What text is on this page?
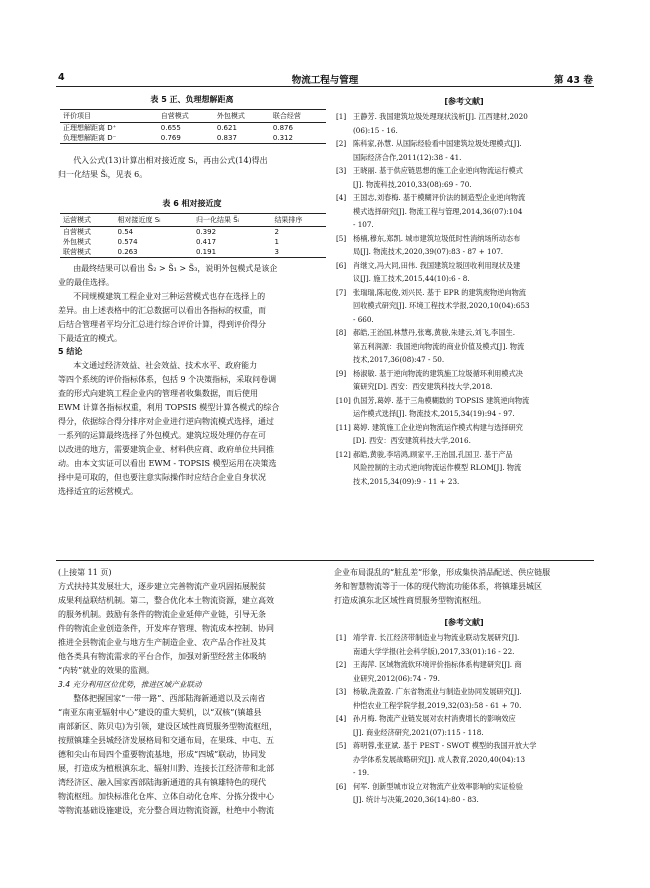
4	物流工程与管理	第 43 卷
表 5 正、负理想解距离
评价项目	自营模式	外包模式	联合经营
正理想解距离 D⁺	0.655	0.621	0.876
负理想解距离 D⁻	0.769	0.837	0.312
代入公式(13)计算出相对接近度 Sᵢ，再由公式(14)得出
归一化结果 S̃ᵢ，见表 6。
表 6 相对接近度
运营模式	相对接近度 Sᵢ	归一化结果 S̃ᵢ	结果排序
自营模式	0.54	0.392	2
外包模式	0.574	0.417	1
联营模式	0.263	0.191	3
由最终结果可以看出 S̃₂ > S̃₁ > S̃₃，说明外包模式是该企
业的最佳选择。
不同规模建筑工程企业对三种运营模式也存在选择上的
差异。由上述表格中的汇总数据可以看出各指标的权重，而
后结合管理者平均分汇总进行综合评价计算，得到评价得分
下最适宜的模式。
5 结论
本文通过经济效益、社会效益、技术水平、政府能力
等四个系统的评价指标体系，包括 9 个决策指标，采取问卷调
查的形式向建筑工程企业内的管理者收集数据，而后使用
EWM 计算各指标权重，利用 TOPSIS 模型计算各模式的综合
得分，依据综合得分排序对企业进行逆向物流模式选择，通过
一系列的运算最终选择了外包模式。建筑垃圾处理仍存在可
以改进的地方，需要建筑企业、材料供应商、政府单位共同推
动。由本文实证可以看出 EWM - TOPSIS 模型运用在决策选
择中是可取的，但也要注意实际操作时应结合企业自身状况
选择适宜的运营模式。
[参考文献]
[1] 王静芳. 我国建筑垃圾处理现状浅析[J]. 江西建材,2020
(06):15 - 16.
[2] 陈科家,孙慧. 从国际经验看中国建筑垃圾处理模式[J].
国际经济合作,2011(12):38 - 41.
[3] 王晓丽. 基于供应链思想的施工企业逆向物流运行模式
[J]. 物流科技,2010,33(08):69 - 70.
[4] 王国志,刘春梅. 基于模糊评价法的制造型企业逆向物流
模式选择研究[J]. 物流工程与管理,2014,36(07):104
- 107.
[5] 杨楠,穆东,郑凯. 城市建筑垃圾低时性消纳场所动态布
局[J]. 物流技术,2020,39(07):83 - 87 + 107.
[6] 肖继文,冯大同,田伟. 我国建筑垃圾回收利用现状及建
议[J]. 施工技术,2015,44(10):6 - 8.
[7] 张瑞瑞,陈起俊,刘兴民. 基于 EPR 的建筑废物逆向物流
回收模式研究[J]. 环境工程技术学报,2020,10(04):653
- 660.
[8] 郝皓,王治国,林慧丹,张骞,黄骏,朱建云,刘飞,李国生.
第五利润源：我国逆向物流的商业价值及模式[J]. 物流
技术,2017,36(08):47 - 50.
[9] 杨淑敏. 基于逆向物流的建筑施工垃圾循环利用模式决
策研究[D]. 西安：西安建筑科技大学,2018.
[10] 仇国芳,葛婷. 基于三角模糊数的 TOPSIS 建筑逆向物流
运作模式选择[J]. 物流技术,2015,34(19):94 - 97.
[11] 葛婷. 建筑施工企业逆向物流运作模式构建与选择研究
[D]. 西安：西安建筑科技大学,2016.
[12] 郝皓,黄骏,李培鸿,顾家平,王治国,孔国卫. 基于产品
风险控制的主动式逆向物流运作模型 RLOM[J]. 物流
技术,2015,34(09):9 - 11 + 23.
(上接第 11 页)
方式扶持其发展壮大，逐步建立完善物流产业巩固拓展脱贫
成果利益联结机制。第二，整合优化本土物流资源，建立高效
的服务机制。鼓励有条件的物流企业延伸产业链，引导无条
件的物流企业创造条件，开发库存管理、物流成本控制、协同
推进全县物流企业与地方生产制造企业、农产品合作社及其
他各类具有物流需求的平台合作，加强对新型经营主体吸纳
“内转”就业的效果的监测。
3.4 充分利用区位优势，推进区域产业联动
整体把握国家“一带一路”、西部陆海新通道以及云南省
“南亚东南亚辐射中心”建设的重大契机，以“双核”(镇雄县
南部新区、陈贝屯)为引领，建设区域性商贸服务型物流枢纽，
按照镇雄全县城经济发展格局和交通布局，在果珠、中屯、五
德和尖山布局四个重要物流基地，形成“四城”联动，协同发
展，打造成为植根滇东北、辐射川黔、连接长江经济带和北部
湾经济区、融入国家西部陆海新通道的具有镇雄特色的现代
物流枢纽。加快标准化仓库、立体自动化仓库、分拣分拨中心
等物流基础设施建设，充分整合周边物流资源，杜绝中小物流
企业布局混乱的“脏乱差”形象，形成集快消品配送、供应链服
务和智慧物流等于一体的现代物流功能体系，将镇雄县城区
打造成滇东北区域性商贸服务型物流枢纽。
[参考文献]
[1] 靖学青. 长江经济带制造业与物流业联动发展研究[J].
南通大学学报(社会科学版),2017,33(01):16 - 22.
[2] 王海萍. 区域物流软环境评价指标体系构建研究[J]. 商
业研究,2012(06):74 - 79.
[3] 杨敏,洗盈盈. 广东省物流业与制造业协同发展研究[J].
仲恺农业工程学院学报,2019,32(03):58 - 61 + 70.
[4] 孙月梅. 物流产业链发展对农村消费增长的影响效应
[J]. 商业经济研究,2021(07):115 - 118.
[5] 蒋明蓉,张亚斌. 基于 PEST - SWOT 模型的我国开放大学
办学体系发展战略研究[J]. 成人教育,2020,40(04):13
- 19.
[6] 何军. 创新型城市设立对物流产业效率影响的实证检验
[J]. 统计与决策,2020,36(14):80 - 83.
